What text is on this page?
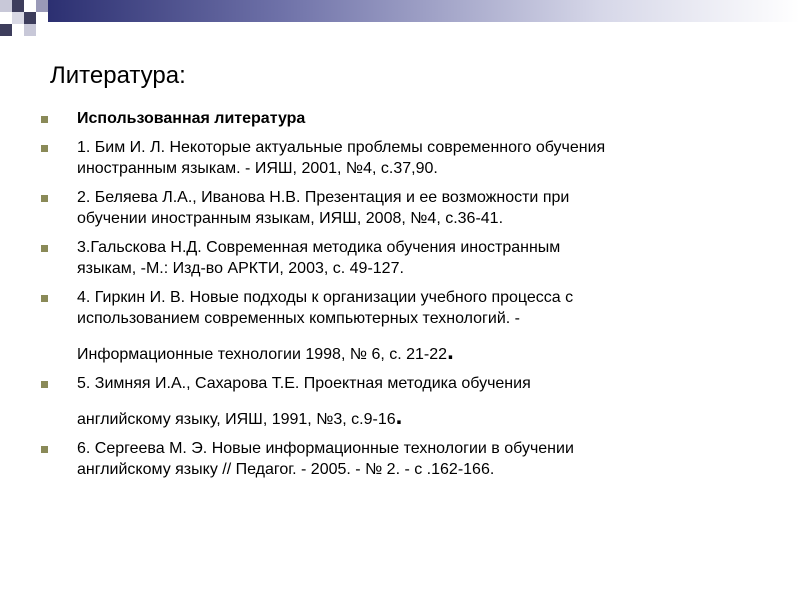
Литература:
Использованная литература
1. Бим И. Л. Некоторые актуальные проблемы современного обучения
иностранным языкам. - ИЯШ, 2001, №4, с.37,90.
2. Беляева Л.А., Иванова Н.В. Презентация и ее возможности при
обучении иностранным языкам, ИЯШ, 2008, №4, с.36-41.
3.Гальскова Н.Д. Современная методика обучения иностранным
языкам, -М.: Изд-во АРКТИ, 2003, с. 49-127.
4. Гиркин И. В. Новые подходы к организации учебного процесса с
использованием современных компьютерных технологий. -
Информационные технологии 1998, № 6, с. 21-22.
5. Зимняя И.А., Сахарова Т.Е. Проектная методика обучения
английскому языку, ИЯШ, 1991, №3, с.9-16.
6. Сергеева М. Э. Новые информационные технологии в обучении
английскому языку // Педагог. - 2005. - № 2. - с .162-166.
